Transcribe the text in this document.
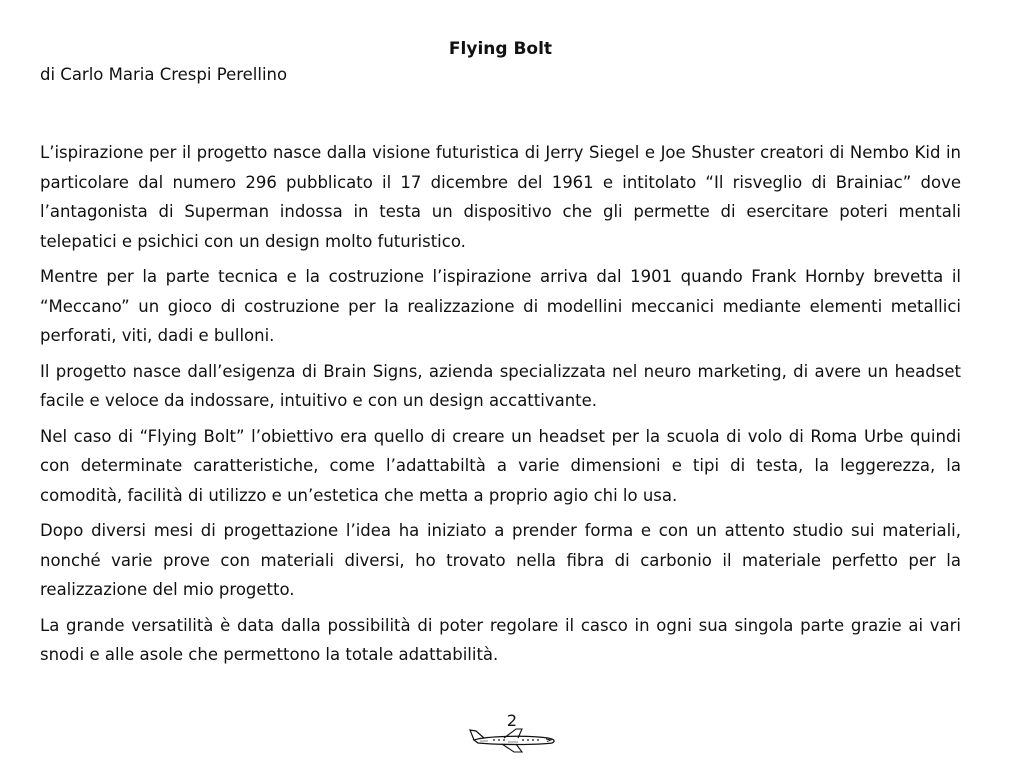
Flying Bolt

di Carlo Maria Crespi Perellino

L’ispirazione per il progetto nasce dalla visione futuristica di Jerry Siegel e Joe Shuster creatori di Nembo Kid in particolare dal numero 296 pubblicato il 17 dicembre del 1961 e intitolato “Il risveglio di Brainiac” dove l’antagonista di Superman indossa in testa un dispositivo che gli permette di esercitare poteri mentali telepatici e psichici con un design molto futuristico.

Mentre per la parte tecnica e la costruzione l’ispirazione arriva dal 1901 quando Frank Hornby brevetta il “Meccano” un gioco di costruzione per la realizzazione di modellini meccanici mediante elementi metallici perforati, viti, dadi e bulloni.

Il progetto nasce dall’esigenza di Brain Signs, azienda specializzata nel neuro marketing, di avere un headset facile e veloce da indossare, intuitivo e con un design accattivante.

Nel caso di “Flying Bolt” l’obiettivo era quello di creare un headset per la scuola di volo di Roma Urbe quindi con determinate caratteristiche, come l’adattabiltà a varie dimensioni e tipi di testa, la leggerezza, la comodità, facilità di utilizzo e un’estetica che metta a proprio agio chi lo usa.

Dopo diversi mesi di progettazione l’idea ha iniziato a prender forma e con un attento studio sui materiali, nonché varie prove con materiali diversi, ho trovato nella fibra di carbonio il materiale perfetto per la realizzazione del mio progetto.

La grande versatilità è data dalla possibilità di poter regolare il casco in ogni sua singola parte grazie ai vari snodi e alle asole che permettono la totale adattabilità.

2
